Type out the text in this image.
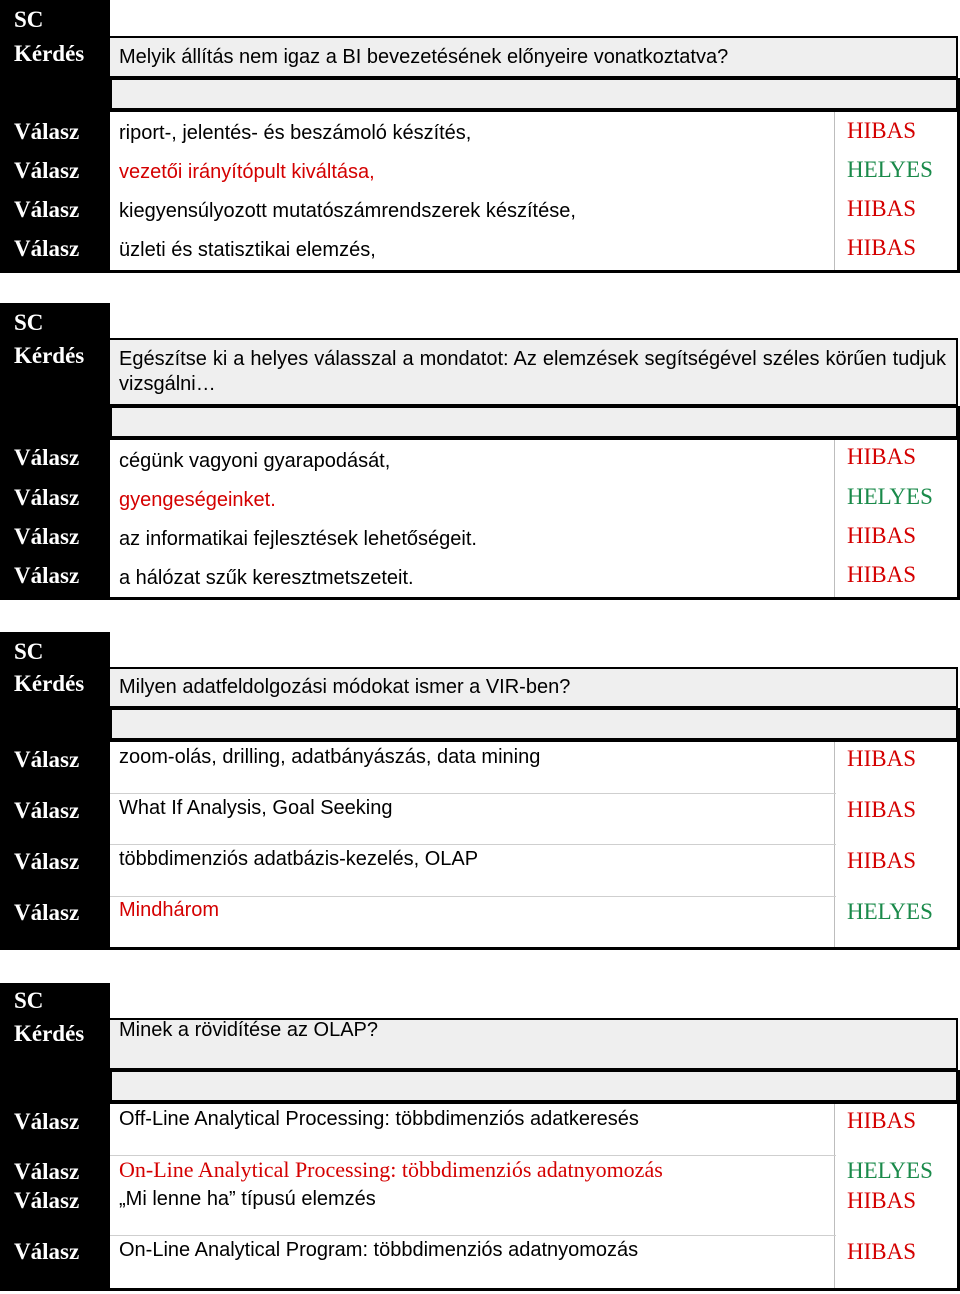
SC
Kérdés Melyik állítás nem igaz a BI bevezetésének előnyeire vonatkoztatva?
Válasz riport-, jelentés- és beszámoló készítés,	HIBAS
Válasz vezetői irányítópult kiváltása,	HELYES
Válasz kiegyensúlyozott mutatószámrendszerek készítése,	HIBAS
Válasz üzleti és statisztikai elemzés,	HIBAS
SC
Kérdés Egészítse ki a helyes válasszal a mondatot: Az elemzések segítségével széles körűen tudjuk vizsgálni…
Válasz cégünk vagyoni gyarapodását,	HIBAS
Válasz gyengeségeinket.	HELYES
Válasz az informatikai fejlesztések lehetőségeit.	HIBAS
Válasz a hálózat szűk keresztmetszeteit.	HIBAS
SC
Kérdés Milyen adatfeldolgozási módokat ismer a VIR-ben?
Válasz zoom-olás, drilling, adatbányászás, data mining	HIBAS
Válasz What If Analysis, Goal Seeking	HIBAS
Válasz többdimenziós adatbázis-kezelés, OLAP	HIBAS
Válasz Mindhárom	HELYES
SC
Kérdés Minek a rövidítése az OLAP?
Válasz Off-Line Analytical Processing: többdimenziós adatkeresés	HIBAS
Válasz On-Line Analytical Processing: többdimenziós adatnyomozás	HELYES
Válasz „Mi lenne ha” típusú elemzés	HIBAS
Válasz On-Line Analytical Program: többdimenziós adatnyomozás	HIBAS
